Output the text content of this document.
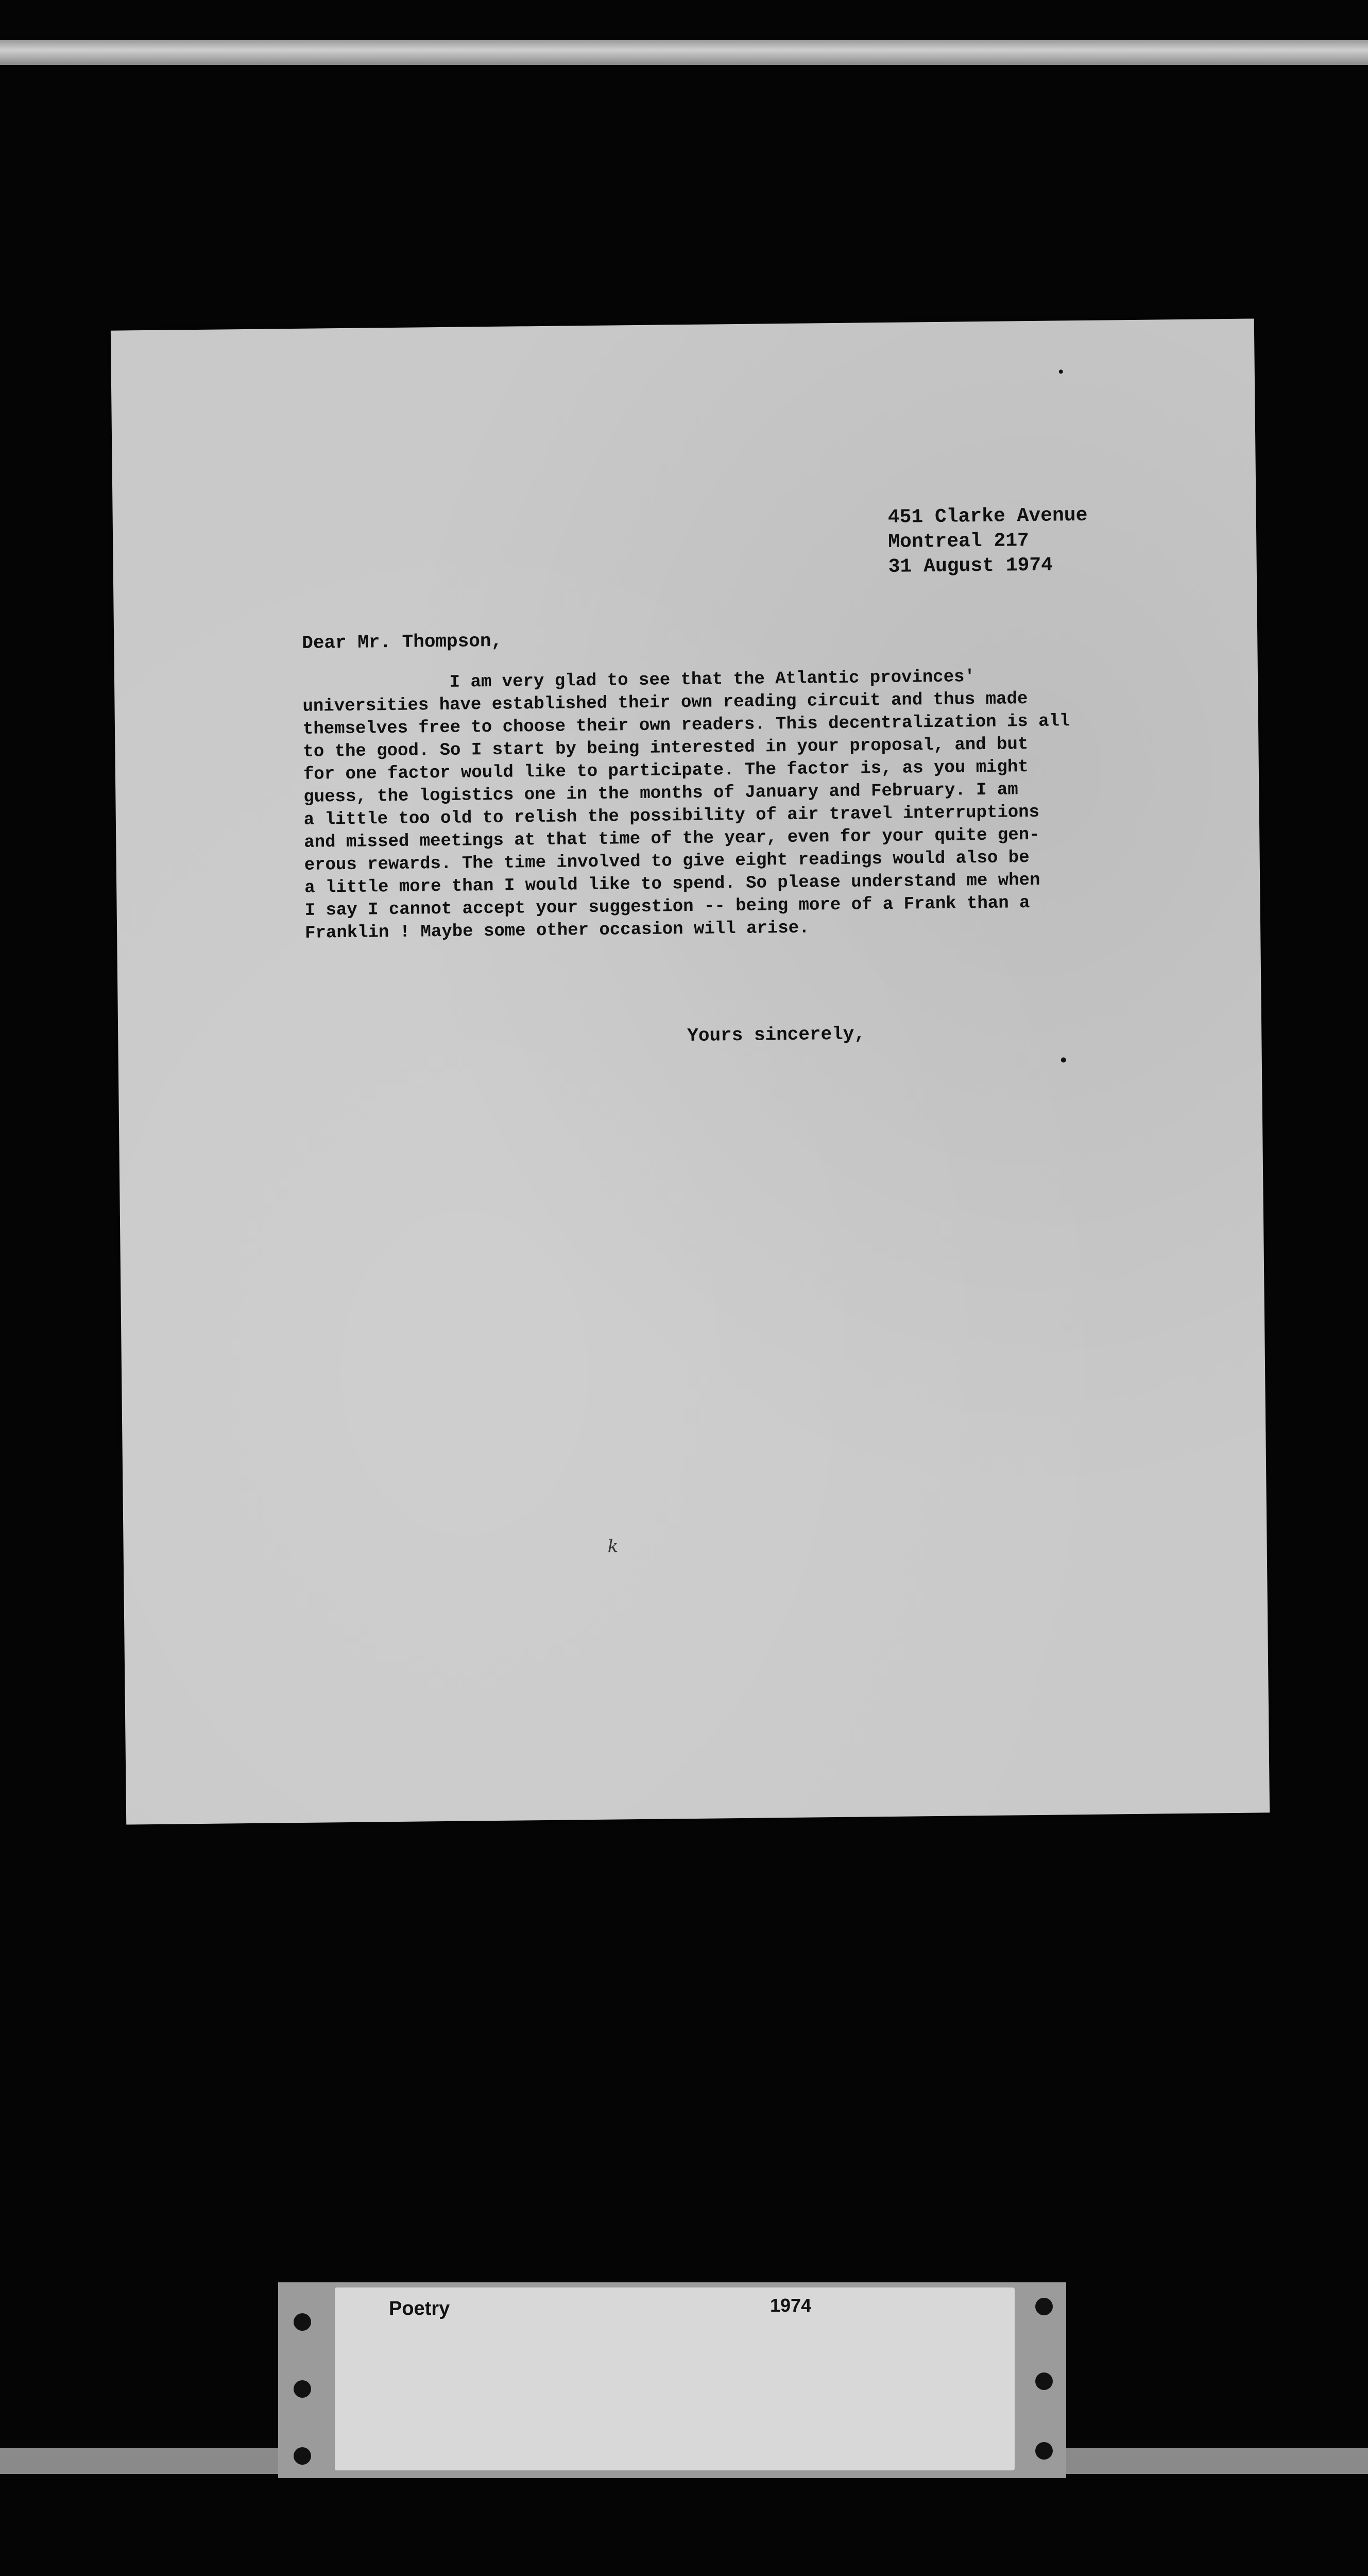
451 Clarke Avenue
Montreal 217
31 August 1974
Dear Mr. Thompson,
I am very glad to see that the Atlantic provinces'
universities have established their own reading circuit and thus made
themselves free to choose their own readers. This decentralization is all
to the good. So I start by being interested in your proposal, and but
for one factor would like to participate. The factor is, as you might
guess, the logistics one in the months of January and February. I am
a little too old to relish the possibility of air travel interruptions
and missed meetings at that time of the year, even for your quite gen-
erous rewards. The time involved to give eight readings would also be
a little more than I would like to spend. So please understand me when
I say I cannot accept your suggestion -- being more of a Frank than a
Franklin ! Maybe some other occasion will arise.
Yours sincerely,
k
Poetry	1974
